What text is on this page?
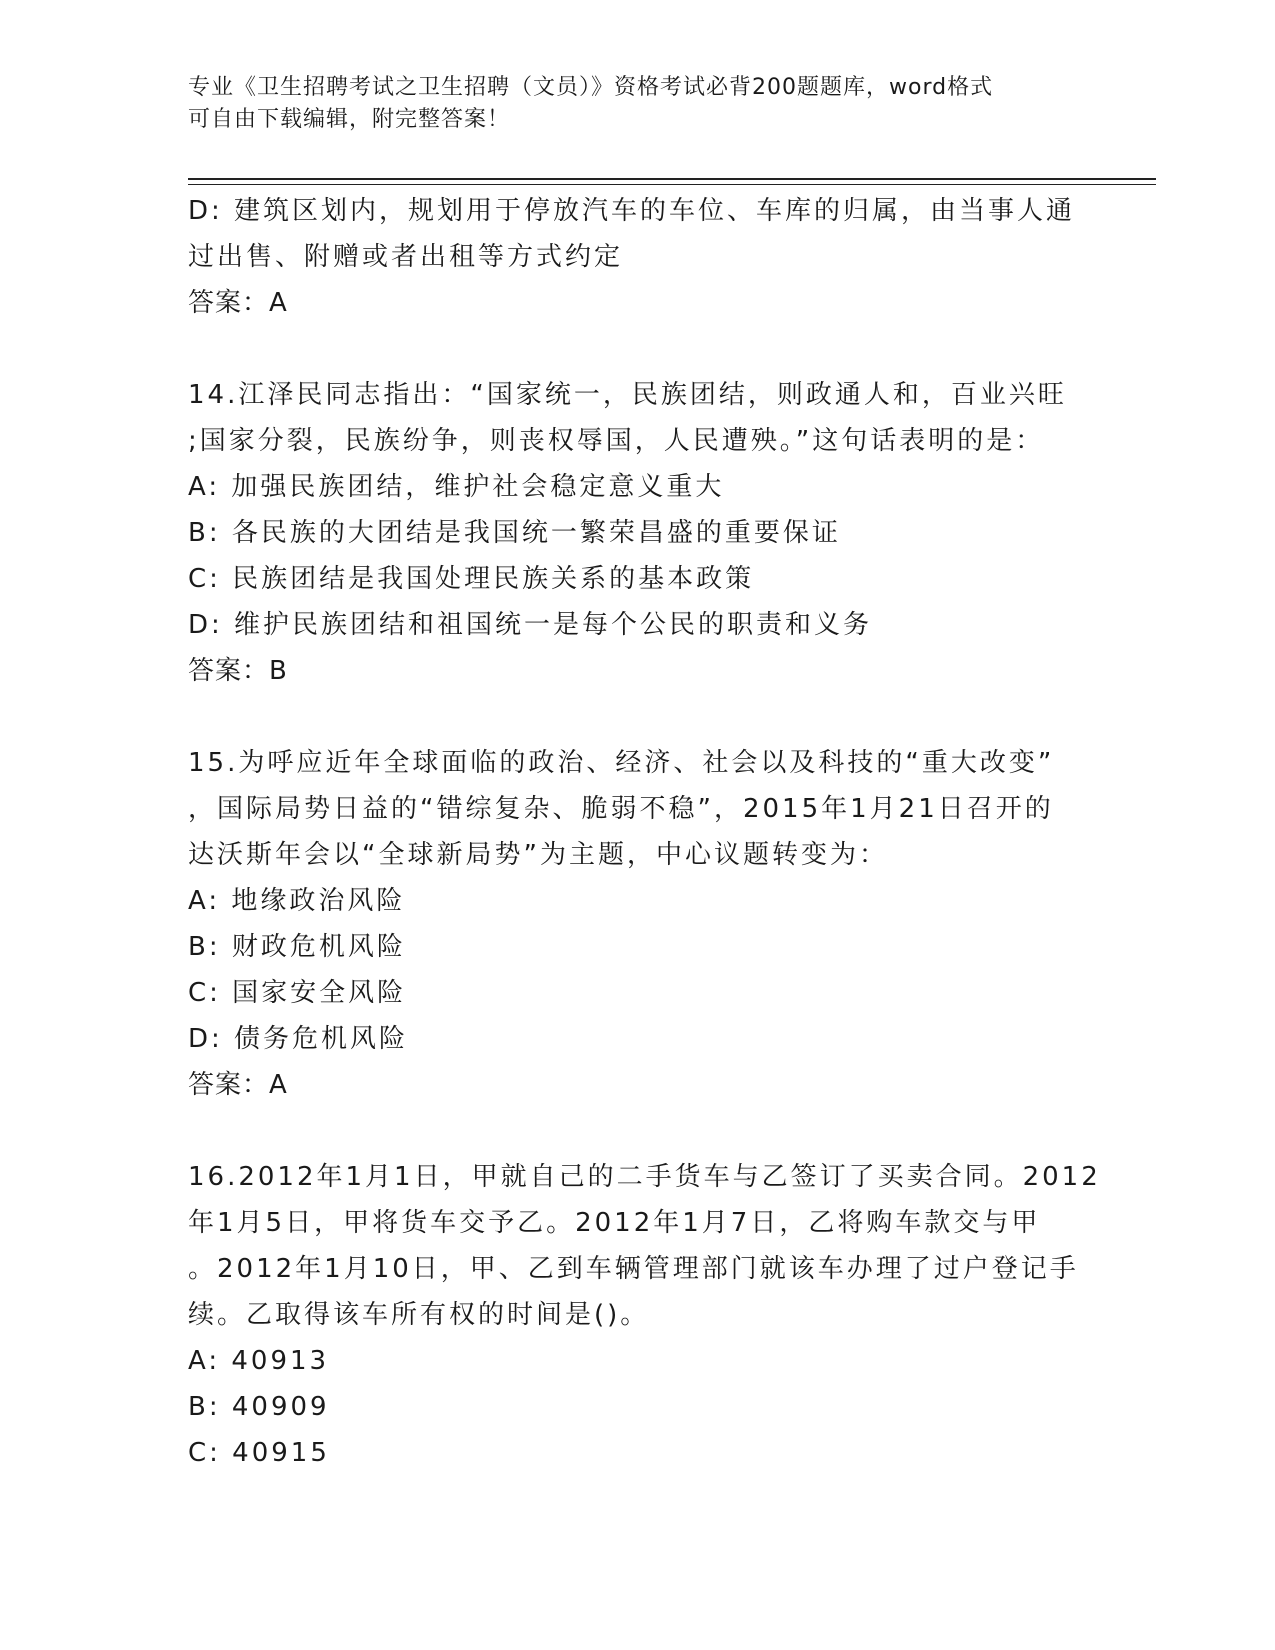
专业《卫生招聘考试之卫生招聘（文员）》资格考试必背200题题库，word格式
可自由下载编辑，附完整答案！
D: 建筑区划内，规划用于停放汽车的车位、车库的归属，由当事人通
过出售、附赠或者出租等方式约定
答案：A
14.江泽民同志指出：“国家统一，民族团结，则政通人和，百业兴旺
;国家分裂，民族纷争，则丧权辱国，人民遭殃。”这句话表明的是：
A: 加强民族团结，维护社会稳定意义重大
B: 各民族的大团结是我国统一繁荣昌盛的重要保证
C: 民族团结是我国处理民族关系的基本政策
D: 维护民族团结和祖国统一是每个公民的职责和义务
答案：B
15.为呼应近年全球面临的政治、经济、社会以及科技的“重大改变”
，国际局势日益的“错综复杂、脆弱不稳”，2015年1月21日召开的
达沃斯年会以“全球新局势”为主题，中心议题转变为：
A: 地缘政治风险
B: 财政危机风险
C: 国家安全风险
D: 债务危机风险
答案：A
16.2012年1月1日，甲就自己的二手货车与乙签订了买卖合同。2012
年1月5日，甲将货车交予乙。2012年1月7日，乙将购车款交与甲
。2012年1月10日，甲、乙到车辆管理部门就该车办理了过户登记手
续。乙取得该车所有权的时间是()。
A: 40913
B: 40909
C: 40915
